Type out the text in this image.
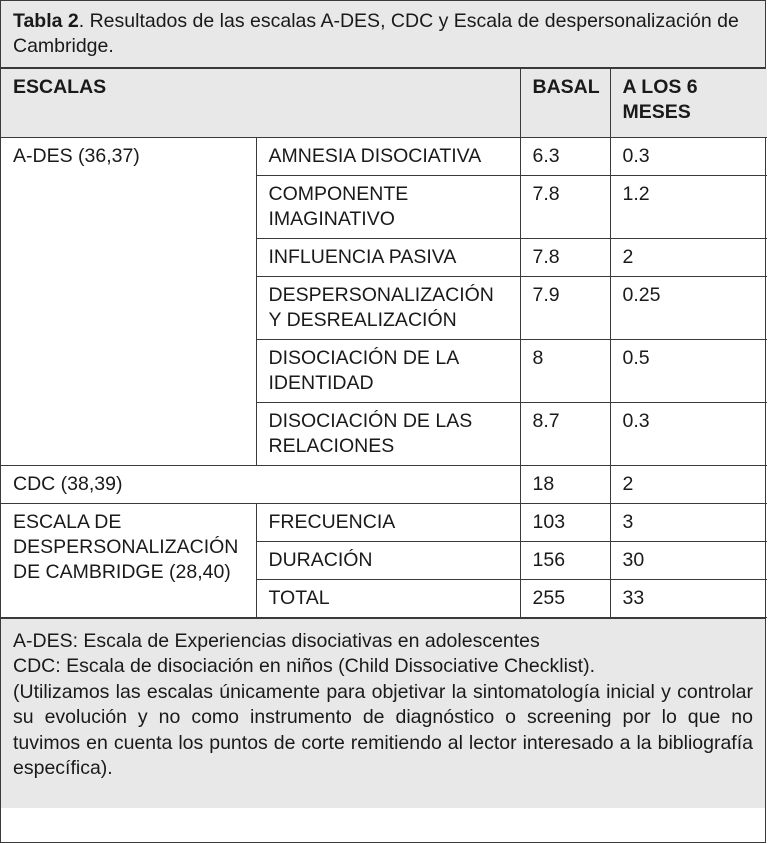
Tabla 2. Resultados de las escalas A-DES, CDC y Escala de despersonalización de Cambridge.
ESCALAS		BASAL	A LOS 6 MESES
A-DES (36,37)	AMNESIA DISOCIATIVA	6.3	0.3
	COMPONENTE IMAGINATIVO	7.8	1.2
	INFLUENCIA PASIVA	7.8	2
	DESPERSONALIZACIÓN Y DESREALIZACIÓN	7.9	0.25
	DISOCIACIÓN DE LA IDENTIDAD	8	0.5
	DISOCIACIÓN DE LAS RELACIONES	8.7	0.3
CDC (38,39)		18	2
ESCALA DE DESPERSONALIZACIÓN DE CAMBRIDGE (28,40)	FRECUENCIA	103	3
	DURACIÓN	156	30
	TOTAL	255	33

A-DES: Escala de Experiencias disociativas en adolescentes

CDC: Escala de disociación en niños (Child Dissociative Checklist).

(Utilizamos las escalas únicamente para objetivar la sintomatología inicial y controlar su evolución y no como instrumento de diagnóstico o screening por lo que no tuvimos en cuenta los puntos de corte remitiendo al lector interesado a la bibliografía específica).
